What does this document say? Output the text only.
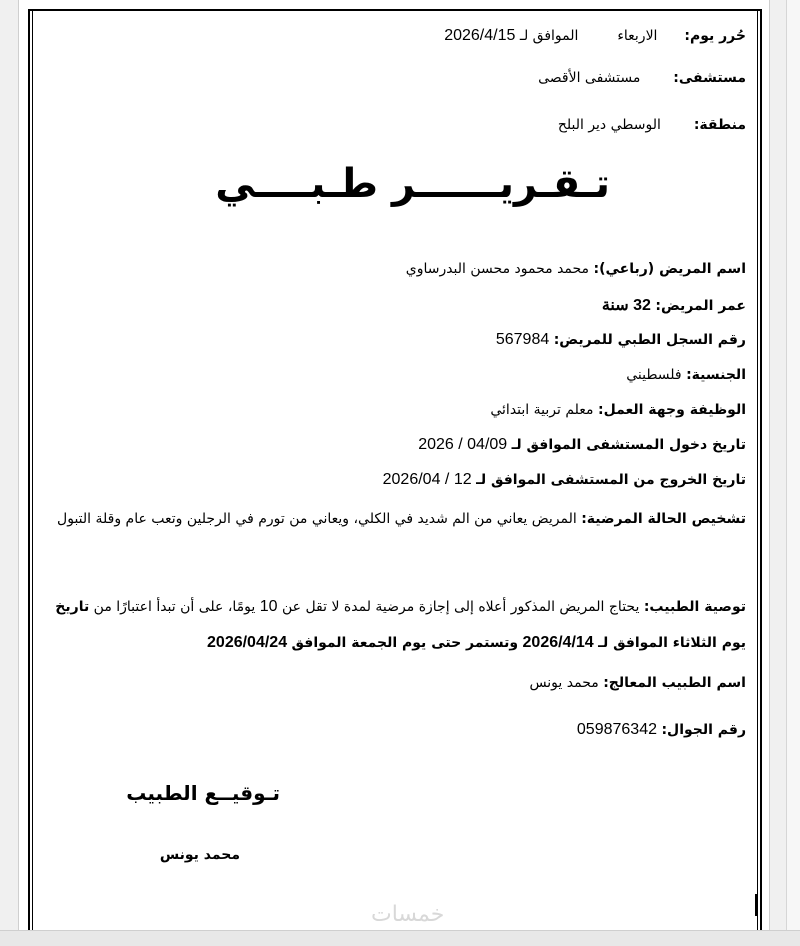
حُرر يوم:  الاربعاء  الموافق لـ 2026/4/15
مستشفى:  مستشفى الأقصى
منطقة:  الوسطي دير البلح
تـقـريــــــر طـبــــي
اسم المريض (رباعي): محمد محمود محسن البدرساوي
عمر المريض: 32 سنة
رقم السجل الطبي للمريض: 567984
الجنسية: فلسطيني
الوظيفة وجهة العمل: معلم تربية ابتدائي
تاريخ دخول المستشفى الموافق لـ 04/09 / 2026
تاريخ الخروج من المستشفى الموافق لـ 12 / 2026/04
تشخيص الحالة المرضية: المريض يعاني من الم شديد في الكلي، ويعاني من تورم في الرجلين وتعب عام وقلة التبول
توصية الطبيب: يحتاج المريض المذكور أعلاه إلى إجازة مرضية لمدة لا تقل عن 10 يومًا، على أن تبدأ اعتبارًا من تاريخ يوم الثلاثاء الموافق لـ 2026/4/14 وتستمر حتى يوم الجمعة الموافق 2026/04/24
اسم الطبيب المعالج: محمد يونس
رقم الجوال: 059876342
تـوقيــع الطبيب
محمد يونس
خمسات
